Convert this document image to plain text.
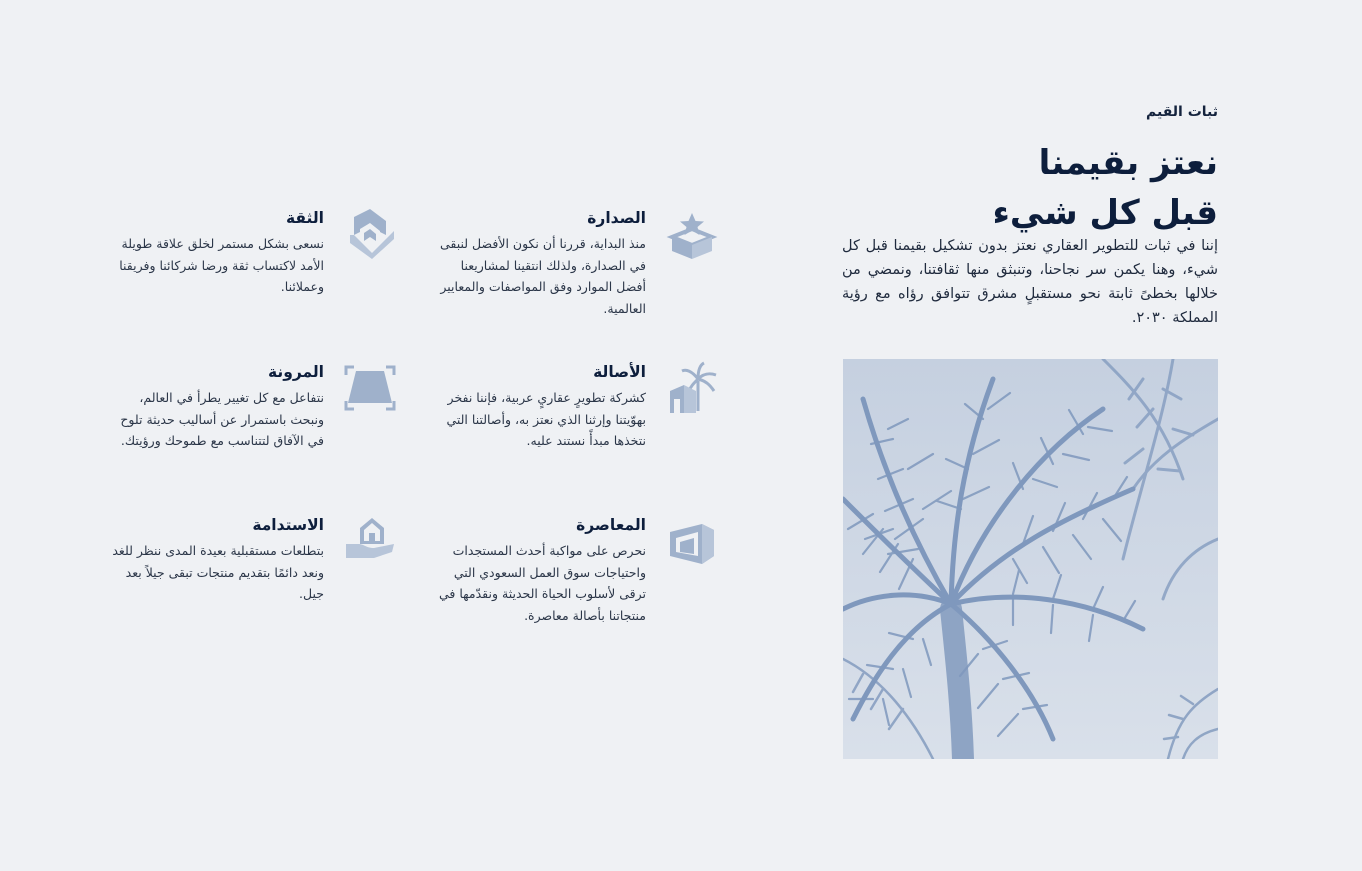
ثبات القيم
نعتز بقيمنا
قبل كل شيء

إننا في ثبات للتطوير العقاري نعتز بدون تشكيل بقيمنا قبل كل شيء، وهنا يكمن سر نجاحنا، وتنبثق منها ثقافتنا، ونمضي من خلالها بخطىً ثابتة نحو مستقبلٍ مشرق تتوافق رؤاه مع رؤية المملكة ٢٠٣٠.

الصدارة

منذ البداية، قررنا أن نكون الأفضل لنبقى في الصدارة، ولذلك انتقينا لمشاريعنا أفضل الموارد وفق المواصفات والمعايير العالمية.

الثقة

نسعى بشكل مستمر لخلق علاقة طويلة الأمد لاكتساب ثقة ورضا شركائنا وفريقنا وعملائنا.

الأصالة

كشركة تطويرٍ عقاريٍ عربية، فإننا نفخر بهوّيتنا وإرثنا الذي نعتز به، وأصالتنا التي نتخذها مبدأً نستند عليه.

المرونة

نتفاعل مع كل تغيير يطرأ في العالم، ونبحث باستمرار عن أساليب حديثة تلوح في الآفاق لتتناسب مع طموحك ورؤيتك.

المعاصرة

نحرص على مواكبة أحدث المستجدات واحتياجات سوق العمل السعودي التي ترقى لأسلوب الحياة الحديثة ونقدّمها في منتجاتنا بأصالة معاصرة.

الاستدامة

بتطلعات مستقبلية بعيدة المدى ننظر للغد ونعد دائمًا بتقديم منتجات تبقى جيلاً بعد جيل.
